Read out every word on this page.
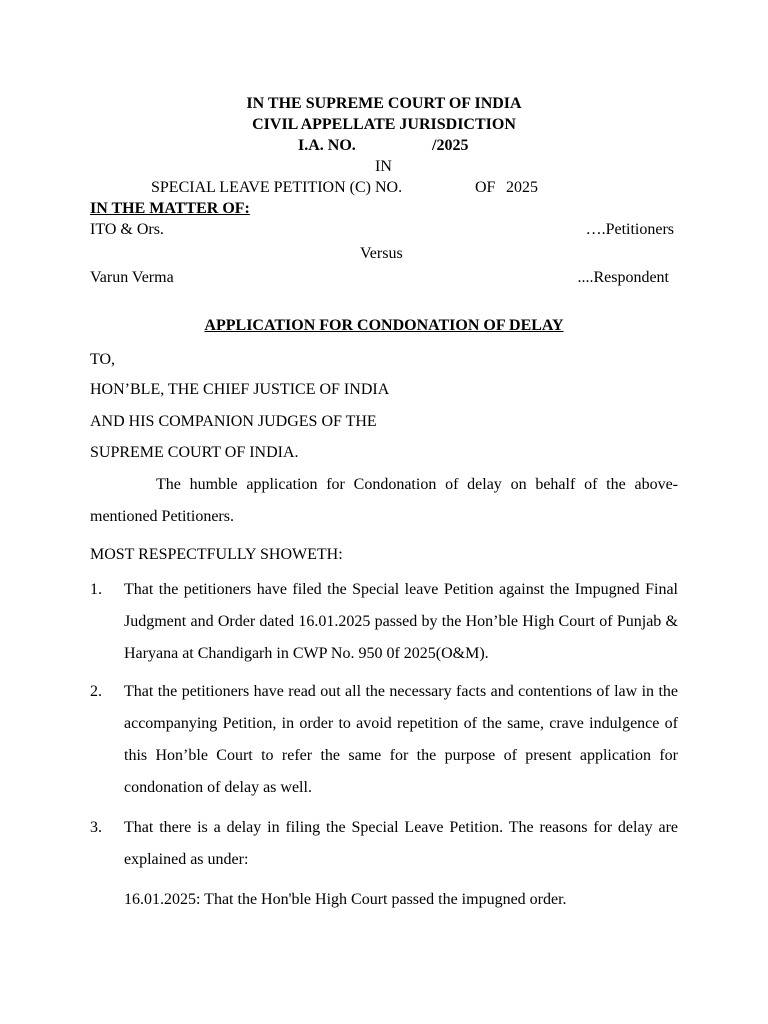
IN THE SUPREME COURT OF INDIA
CIVIL APPELLATE JURISDICTION
I.A. NO.	/2025
IN
SPECIAL LEAVE PETITION (C) NO.	OF 2025
IN THE MATTER OF:
ITO & Ors.	….Petitioners
Versus
Varun Verma	....Respondent
APPLICATION FOR CONDONATION OF DELAY
TO,
HON’BLE, THE CHIEF JUSTICE OF INDIA
AND HIS COMPANION JUDGES OF THE
SUPREME COURT OF INDIA.
The humble application for Condonation of delay on behalf of the above-mentioned Petitioners.
MOST RESPECTFULLY SHOWETH:
1. That the petitioners have filed the Special leave Petition against the Impugned Final Judgment and Order dated 16.01.2025 passed by the Hon’ble High Court of Punjab & Haryana at Chandigarh in CWP No. 950 0f 2025(O&M).
2. That the petitioners have read out all the necessary facts and contentions of law in the accompanying Petition, in order to avoid repetition of the same, crave indulgence of this Hon’ble Court to refer the same for the purpose of present application for condonation of delay as well.
3. That there is a delay in filing the Special Leave Petition. The reasons for delay are explained as under:
16.01.2025: That the Hon'ble High Court passed the impugned order.
